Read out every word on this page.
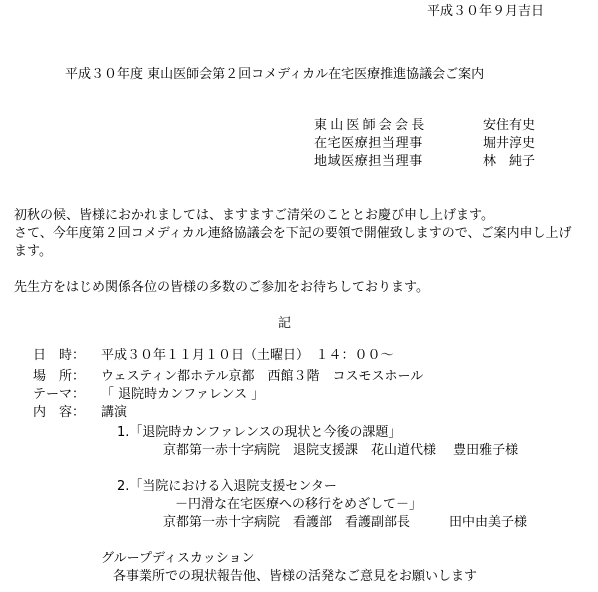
平成３０年９月吉日
平成３０年度 東山医師会第２回コメディカル在宅医療推進協議会ご案内
東山医師会会長	安住有史
在宅医療担当理事	堀井淳史
地域医療担当理事	林　純子
初秋の候、皆様におかれましては、ますますご清栄のこととお慶び申し上げます。
さて、今年度第２回コメディカル連絡協議会を下記の要領で開催致しますので、ご案内申し上げ
ます。
先生方をはじめ関係各位の皆様の多数のご参加をお待ちしております。
記
日　時： 平成３０年１１月１０日（土曜日）　１４：００～
場　所： ウェスティン都ホテル京都　西館３階　コスモスホール
テーマ： 「 退院時カンファレンス 」
内　容： 講演
1.「退院時カンファレンスの現状と今後の課題」
京都第一赤十字病院　退院支援課　花山道代様　 豊田雅子様
2.「当院における入退院支援センター
－円滑な在宅医療への移行をめざして－」
京都第一赤十字病院　看護部　看護副部長　　　田中由美子様
グループディスカッション
各事業所での現状報告他、皆様の活発なご意見をお願いします
